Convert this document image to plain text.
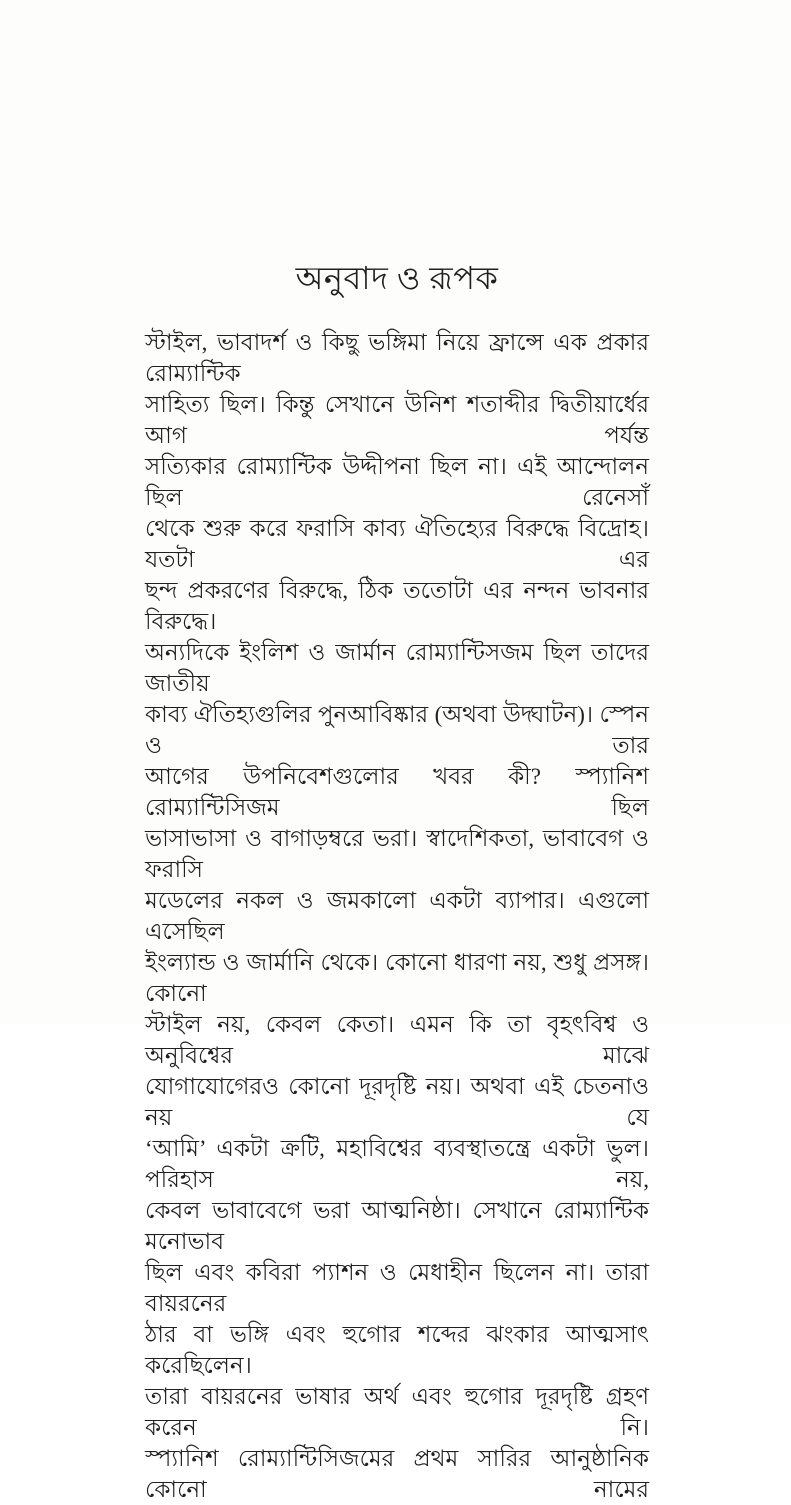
অনুবাদ ও রূপক
স্টাইল, ভাবাদর্শ ও কিছু ভঙ্গিমা নিয়ে ফ্রান্সে এক প্রকার রোম্যান্টিক
সাহিত্য ছিল। কিন্তু সেখানে উনিশ শতাব্দীর দ্বিতীয়ার্ধের আগ পর্যন্ত
সত্যিকার রোম্যান্টিক উদ্দীপনা ছিল না। এই আন্দোলন ছিল রেনেসাঁ
থেকে শুরু করে ফরাসি কাব্য ঐতিহ্যের বিরুদ্ধে বিদ্রোহ। যতটা এর
ছন্দ প্রকরণের বিরুদ্ধে, ঠিক ততোটা এর নন্দন ভাবনার বিরুদ্ধে।
অন্যদিকে ইংলিশ ও জার্মান রোম্যান্টিসজম ছিল তাদের জাতীয়
কাব্য ঐতিহ্যগুলির পুনআবিষ্কার (অথবা উদ্ঘাটন)। স্পেন ও তার
আগের উপনিবেশগুলোর খবর কী? স্প্যানিশ রোম্যান্টিসিজম ছিল
ভাসাভাসা ও বাগাড়ম্বরে ভরা। স্বাদেশিকতা, ভাবাবেগ ও ফরাসি
মডেলের নকল ও জমকালো একটা ব্যাপার। এগুলো এসেছিল
ইংল্যান্ড ও জার্মানি থেকে। কোনো ধারণা নয়, শুধু প্রসঙ্গ। কোনো
স্টাইল নয়, কেবল কেতা। এমন কি তা বৃহৎবিশ্ব ও অনুবিশ্বের মাঝে
যোগাযোগেরও কোনো দূরদৃষ্টি নয়। অথবা এই চেতনাও নয় যে
‘আমি’ একটা ক্রটি, মহাবিশ্বের ব্যবস্থাতন্ত্রে একটা ভুল। পরিহাস নয়,
কেবল ভাবাবেগে ভরা আত্মনিষ্ঠা। সেখানে রোম্যান্টিক মনোভাব
ছিল এবং কবিরা প্যাশন ও মেধাহীন ছিলেন না। তারা বায়রনের
ঠার বা ভঙ্গি এবং হুগোর শব্দের ঝংকার আত্মসাৎ করেছিলেন।
তারা বায়রনের ভাষার অর্থ এবং হুগোর দূরদৃষ্টি গ্রহণ করেন নি।
স্প্যানিশ রোম্যান্টিসিজমের প্রথম সারির আনুষ্ঠানিক কোনো নামের
